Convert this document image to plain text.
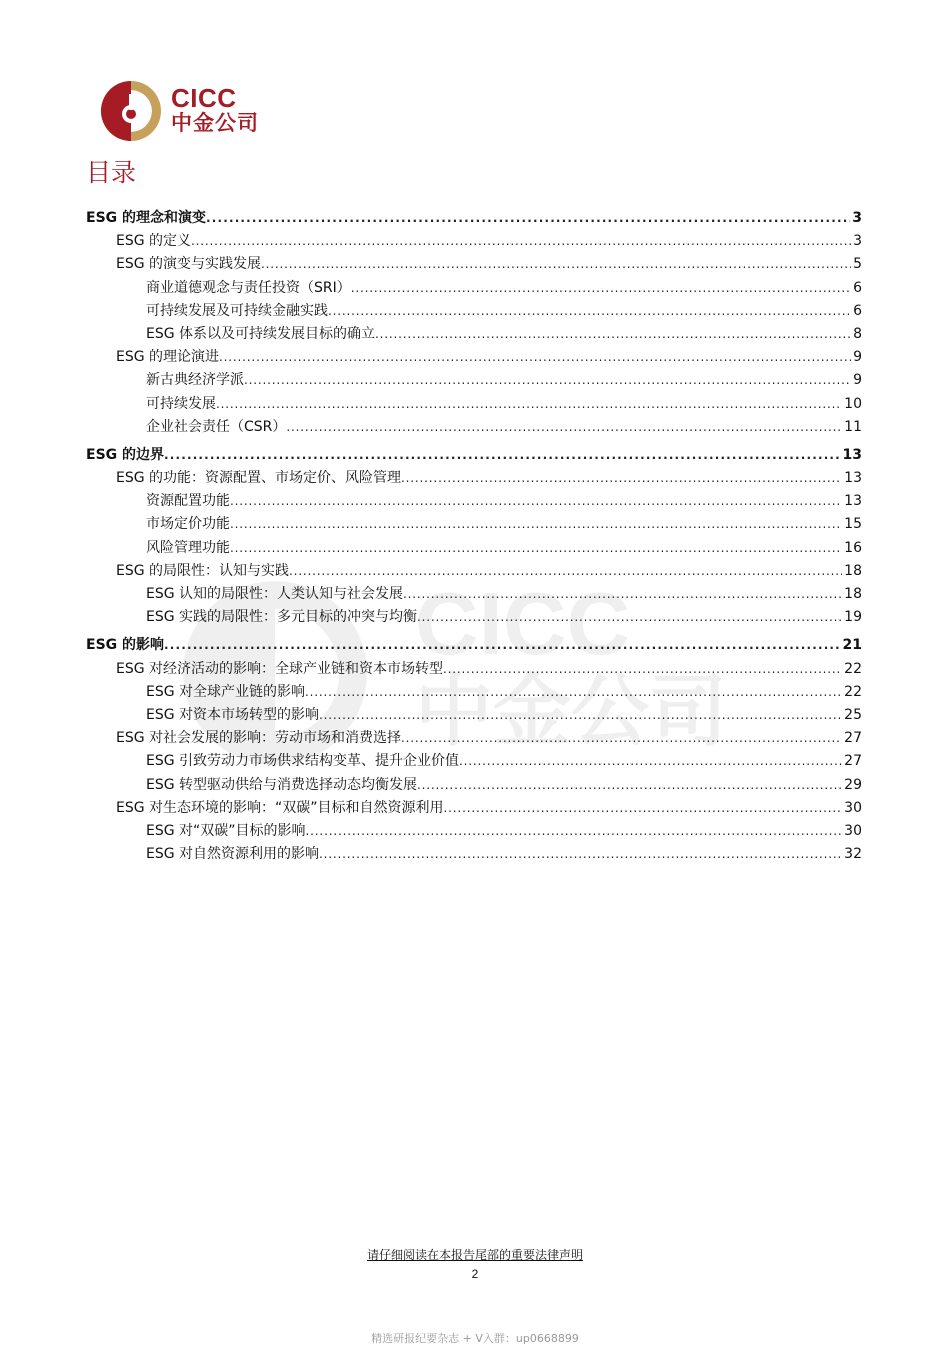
CICC
中金公司
目录
CICC
中金公司
ESG 的理念和演变 . . .	3
ESG 的定义 . . .	3
ESG 的演变与实践发展 . . .	5
商业道德观念与责任投资（SRI） . . .	6
可持续发展及可持续金融实践 . . .	6
ESG 体系以及可持续发展目标的确立 . . .	8
ESG 的理论演进 . . .	9
新古典经济学派 . . .	9
可持续发展 . . .	10
企业社会责任（CSR） . . .	11
ESG 的边界 . . .	13
ESG 的功能：资源配置、市场定价、风险管理 . . .	13
资源配置功能 . . .	13
市场定价功能 . . .	15
风险管理功能 . . .	16
ESG 的局限性：认知与实践 . . .	18
ESG 认知的局限性：人类认知与社会发展 . . .	18
ESG 实践的局限性：多元目标的冲突与均衡 . . .	19
ESG 的影响 . . .	21
ESG 对经济活动的影响：全球产业链和资本市场转型 . . .	22
ESG 对全球产业链的影响 . . .	22
ESG 对资本市场转型的影响 . . .	25
ESG 对社会发展的影响：劳动市场和消费选择 . . .	27
ESG 引致劳动力市场供求结构变革、提升企业价值 . . .	27
ESG 转型驱动供给与消费选择动态均衡发展 . . .	29
ESG 对生态环境的影响：“双碳”目标和自然资源利用 . . .	30
ESG 对“双碳”目标的影响 . . .	30
ESG 对自然资源利用的影响 . . .	32
请仔细阅读在本报告尾部的重要法律声明
2
精选研报纪要杂志 + V入群：up0668899
